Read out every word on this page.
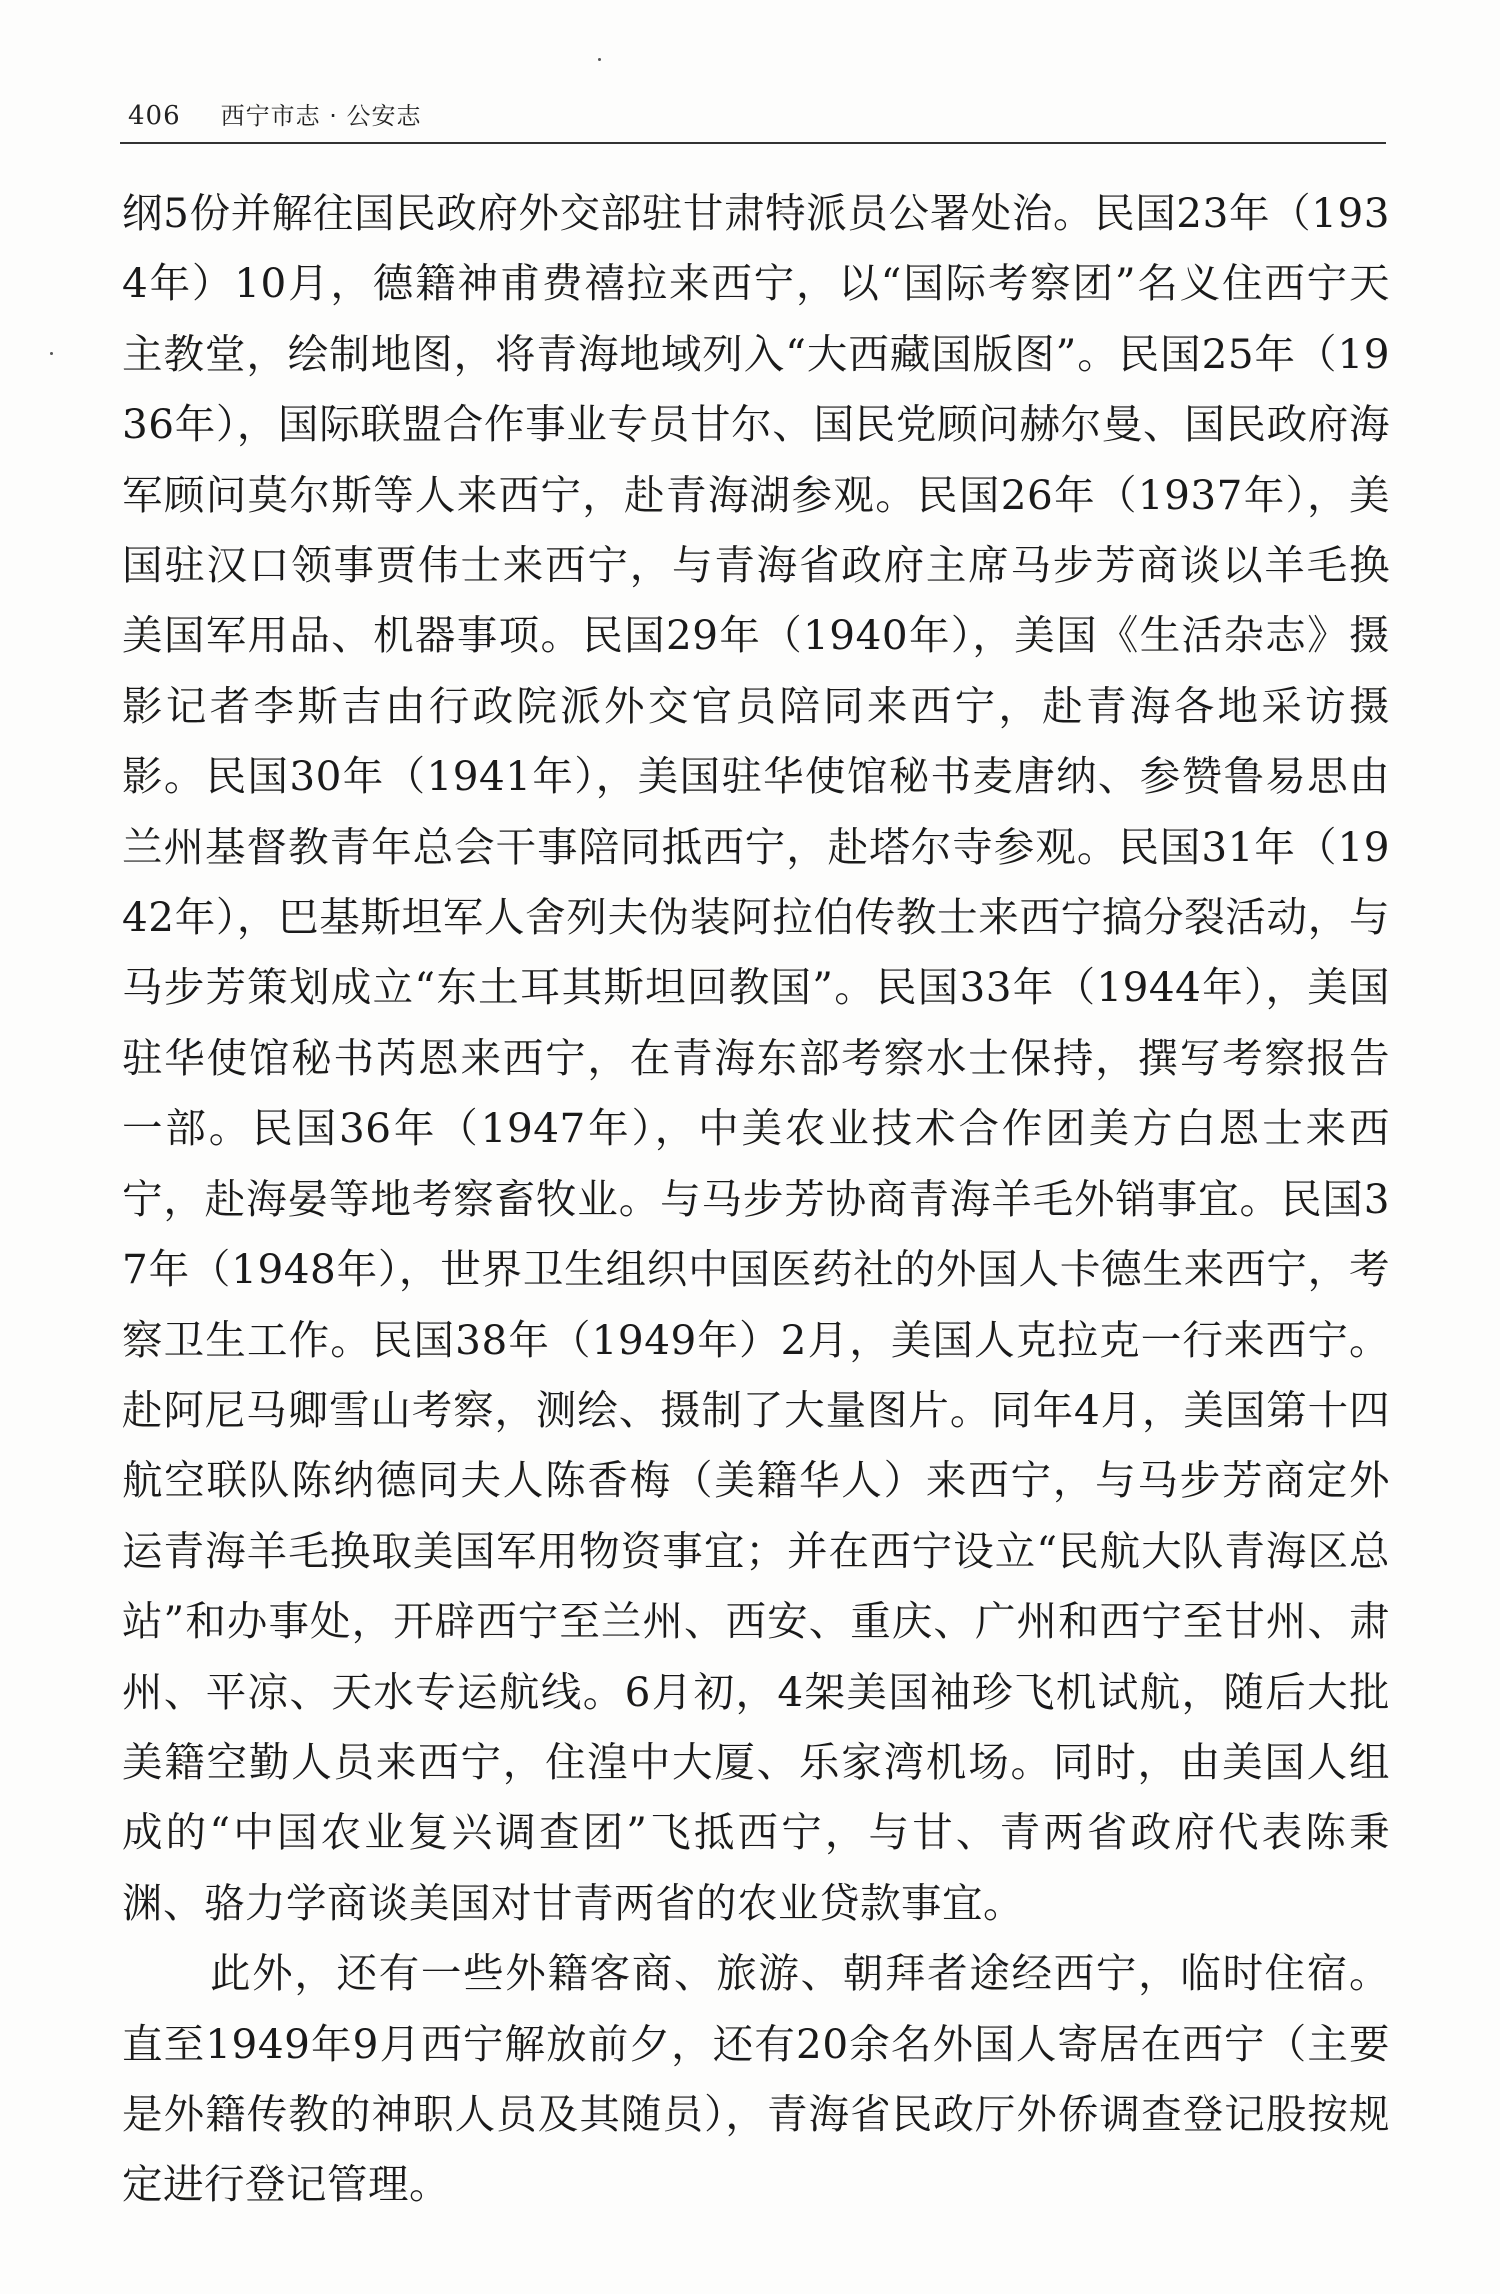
406 西宁市志 · 公安志

纲5份并解往国民政府外交部驻甘肃特派员公署处治。民国23年（1934年）10月，德籍神甫费禧拉来西宁，以“国际考察团”名义住西宁天主教堂，绘制地图，将青海地域列入“大西藏国版图”。民国25年（1936年），国际联盟合作事业专员甘尔、国民党顾问赫尔曼、国民政府海军顾问莫尔斯等人来西宁，赴青海湖参观。民国26年（1937年），美国驻汉口领事贾伟士来西宁，与青海省政府主席马步芳商谈以羊毛换美国军用品、机器事项。民国29年（1940年），美国《生活杂志》摄影记者李斯吉由行政院派外交官员陪同来西宁，赴青海各地采访摄影。民国30年（1941年），美国驻华使馆秘书麦唐纳、参赞鲁易思由兰州基督教青年总会干事陪同抵西宁，赴塔尔寺参观。民国31年（1942年），巴基斯坦军人舍列夫伪装阿拉伯传教士来西宁搞分裂活动，与马步芳策划成立“东土耳其斯坦回教国”。民国33年（1944年），美国驻华使馆秘书芮恩来西宁，在青海东部考察水士保持，撰写考察报告一部。民国36年（1947年），中美农业技术合作团美方白恩士来西宁，赴海晏等地考察畜牧业。与马步芳协商青海羊毛外销事宜。民国37年（1948年），世界卫生组织中国医药社的外国人卡德生来西宁，考察卫生工作。民国38年（1949年）2月，美国人克拉克一行来西宁。赴阿尼马卿雪山考察，测绘、摄制了大量图片。同年4月，美国第十四航空联队陈纳德同夫人陈香梅（美籍华人）来西宁，与马步芳商定外运青海羊毛换取美国军用物资事宜；并在西宁设立“民航大队青海区总站”和办事处，开辟西宁至兰州、西安、重庆、广州和西宁至甘州、肃州、平凉、天水专运航线。6月初，4架美国袖珍飞机试航，随后大批美籍空勤人员来西宁，住湟中大厦、乐家湾机场。同时，由美国人组成的“中国农业复兴调查团”飞抵西宁，与甘、青两省政府代表陈秉渊、骆力学商谈美国对甘青两省的农业贷款事宜。

此外，还有一些外籍客商、旅游、朝拜者途经西宁，临时住宿。直至1949年9月西宁解放前夕，还有20余名外国人寄居在西宁（主要是外籍传教的神职人员及其随员），青海省民政厅外侨调查登记股按规定进行登记管理。
